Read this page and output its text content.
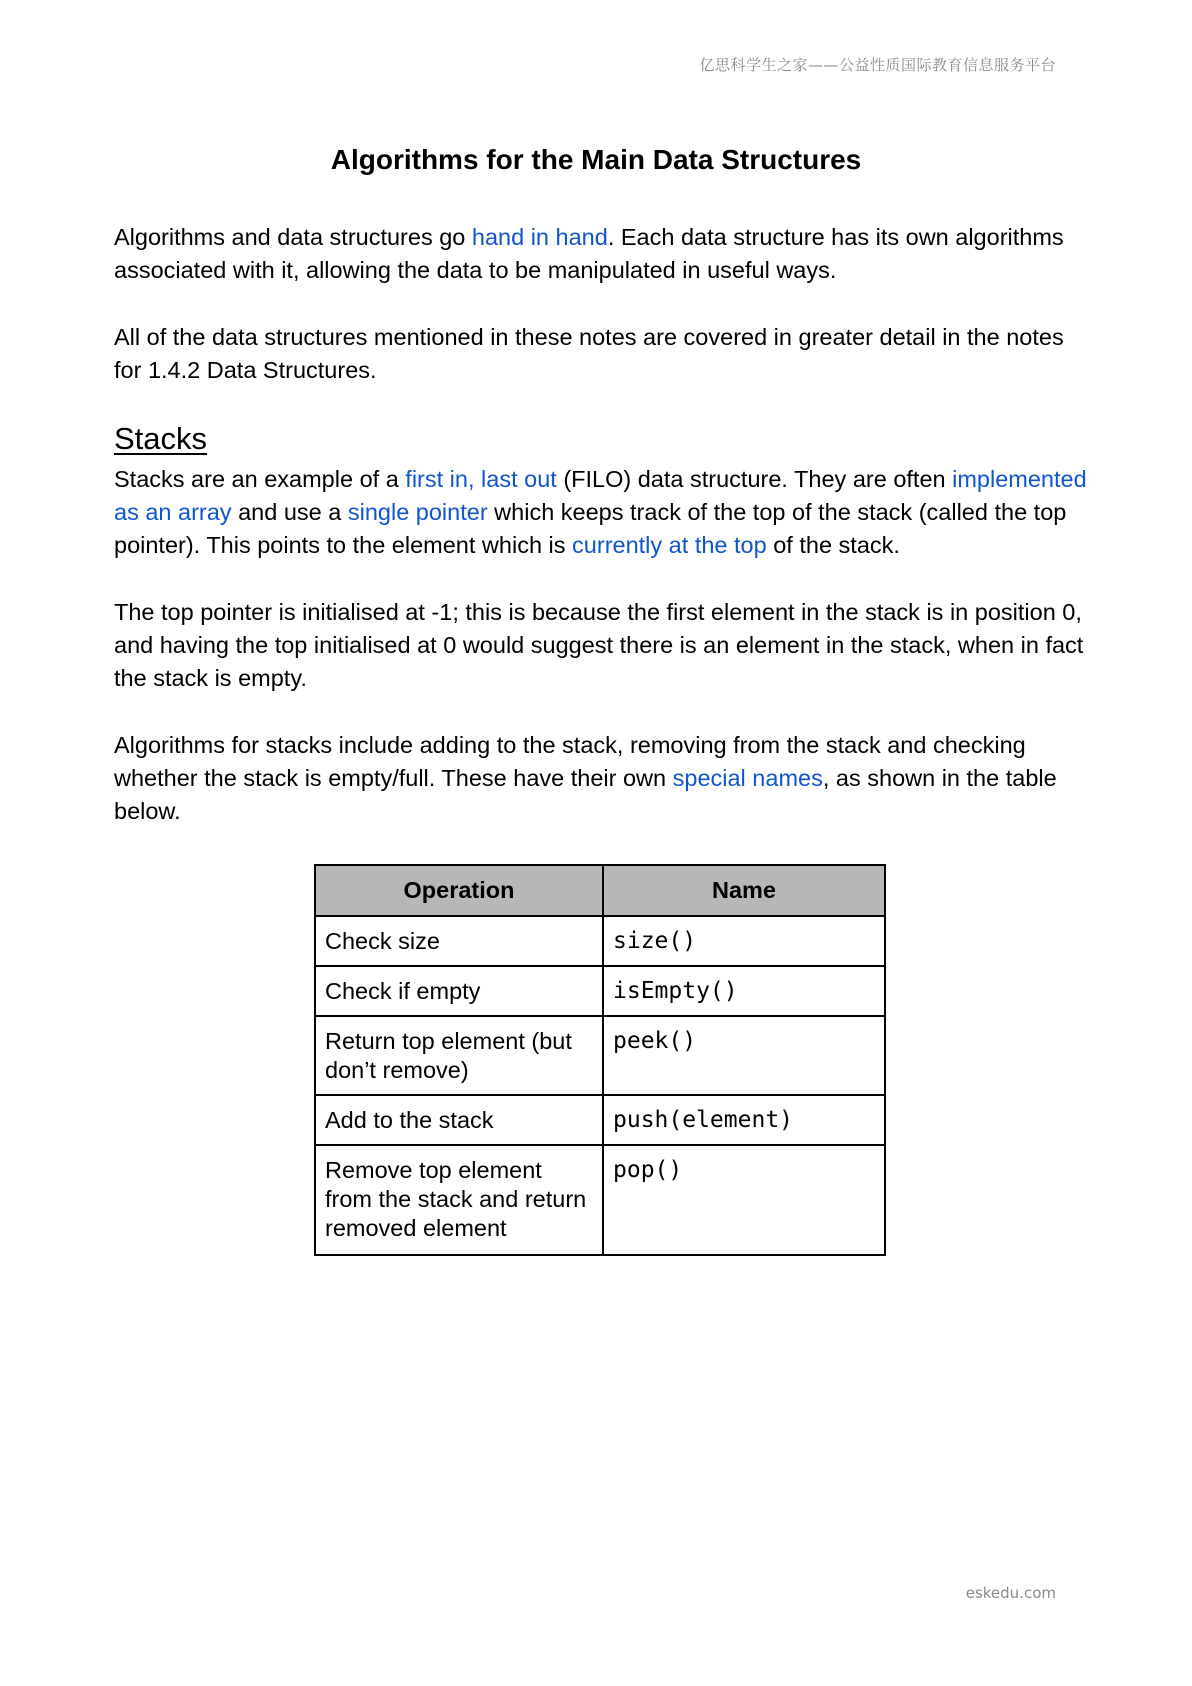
亿思科学生之家——公益性质国际教育信息服务平台
Algorithms for the Main Data Structures

Algorithms and data structures go hand in hand. Each data structure has its own algorithms associated with it, allowing the data to be manipulated in useful ways.

All of the data structures mentioned in these notes are covered in greater detail in the notes for 1.4.2 Data Structures.

Stacks

Stacks are an example of a first in, last out (FILO) data structure. They are often implemented as an array and use a single pointer which keeps track of the top of the stack (called the top pointer). This points to the element which is currently at the top of the stack.

The top pointer is initialised at -1; this is because the first element in the stack is in position 0, and having the top initialised at 0 would suggest there is an element in the stack, when in fact the stack is empty.

Algorithms for stacks include adding to the stack, removing from the stack and checking whether the stack is empty/full. These have their own special names, as shown in the table below.

Operation	Name
Check size	size()
Check if empty	isEmpty()
Return top element (but don’t remove)	peek()
Add to the stack	push(element)
Remove top element from the stack and return removed element	pop()
eskedu.com
